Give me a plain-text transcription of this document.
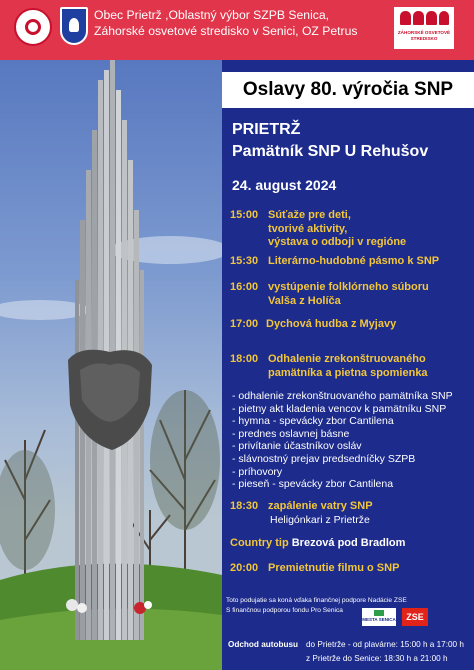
Obec Prietrž ,Oblastný výbor SZPB Senica,
Záhorské osvetové stredisko v Senici, OZ Petrus	ZÁHORSKÉ OSVETOVÉ STREDISKO
Oslavy 80. výročia SNP
PRIETRŽ
Pamätník SNP U Rehušov
24. august 2024
15:00 Súťaže pre deti,
tvorivé aktivity,
výstava o odboji v regióne
15:30 Literárno-hudobné pásmo k SNP
16:00 vystúpenie folklórneho súboru
Valša z Holíča
17:00 Dychová hudba z Myjavy
18:00 Odhalenie zrekonštruovaného
pamätníka a pietna spomienka
- odhalenie zrekonštruovaného pamätníka SNP
- pietny akt kladenia vencov k pamätníku SNP
- hymna - spevácky zbor Cantilena
- prednes oslavnej básne
- privítanie účastníkov osláv
- slávnostný prejav predsedníčky SZPB
- príhovory
- pieseň - spevácky zbor Cantilena
18:30 zapálenie vatry SNP
Heligónkari z Prietrže
Country tip Brezová pod Bradlom
20:00 Premietnutie filmu o SNP
Toto podujatie sa koná vďaka finančnej podpore Nadácie ZSE
S finančnou podporou fondu Pro Senica
MESTA SENICA	ZSE
Odchod autobusu do Prietrže - od plavárne: 15:00 h a 17:00 h
z Prietrže do Senice: 18:30 h a 21:00 h
